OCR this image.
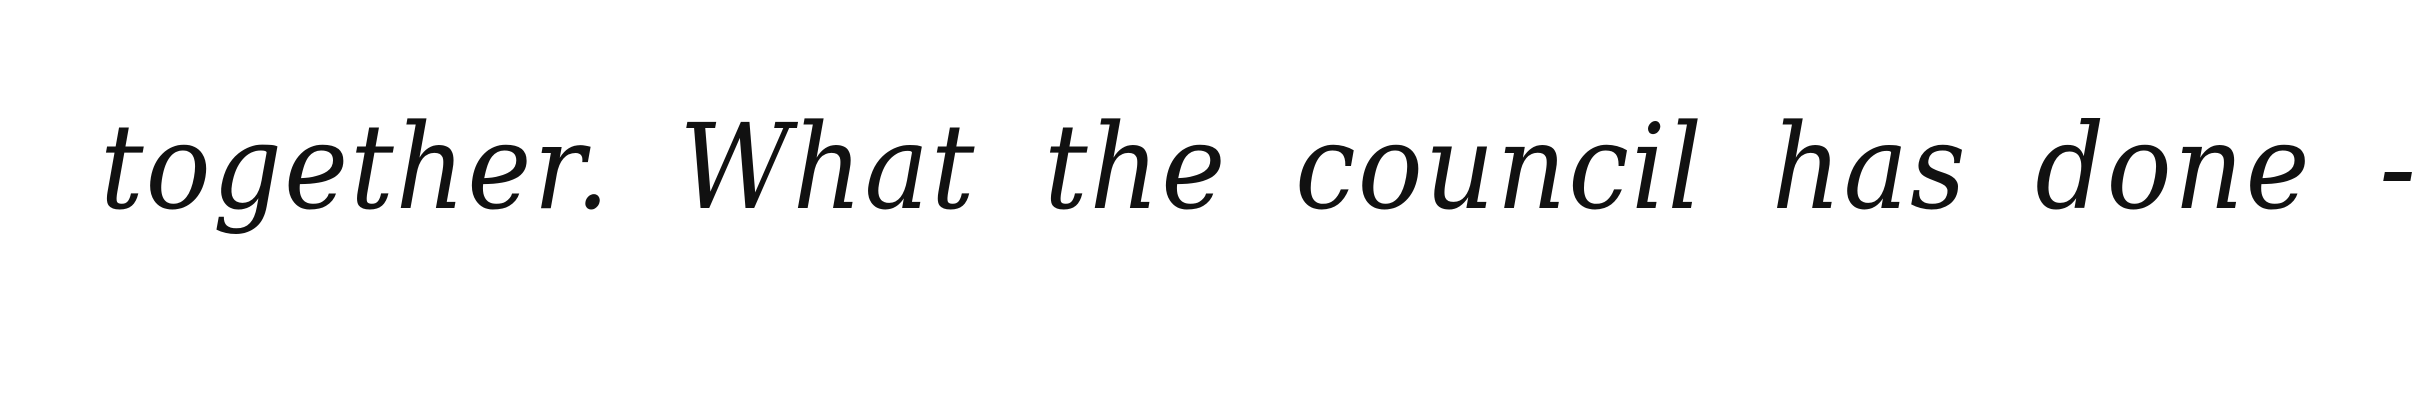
together. What the council has done -
